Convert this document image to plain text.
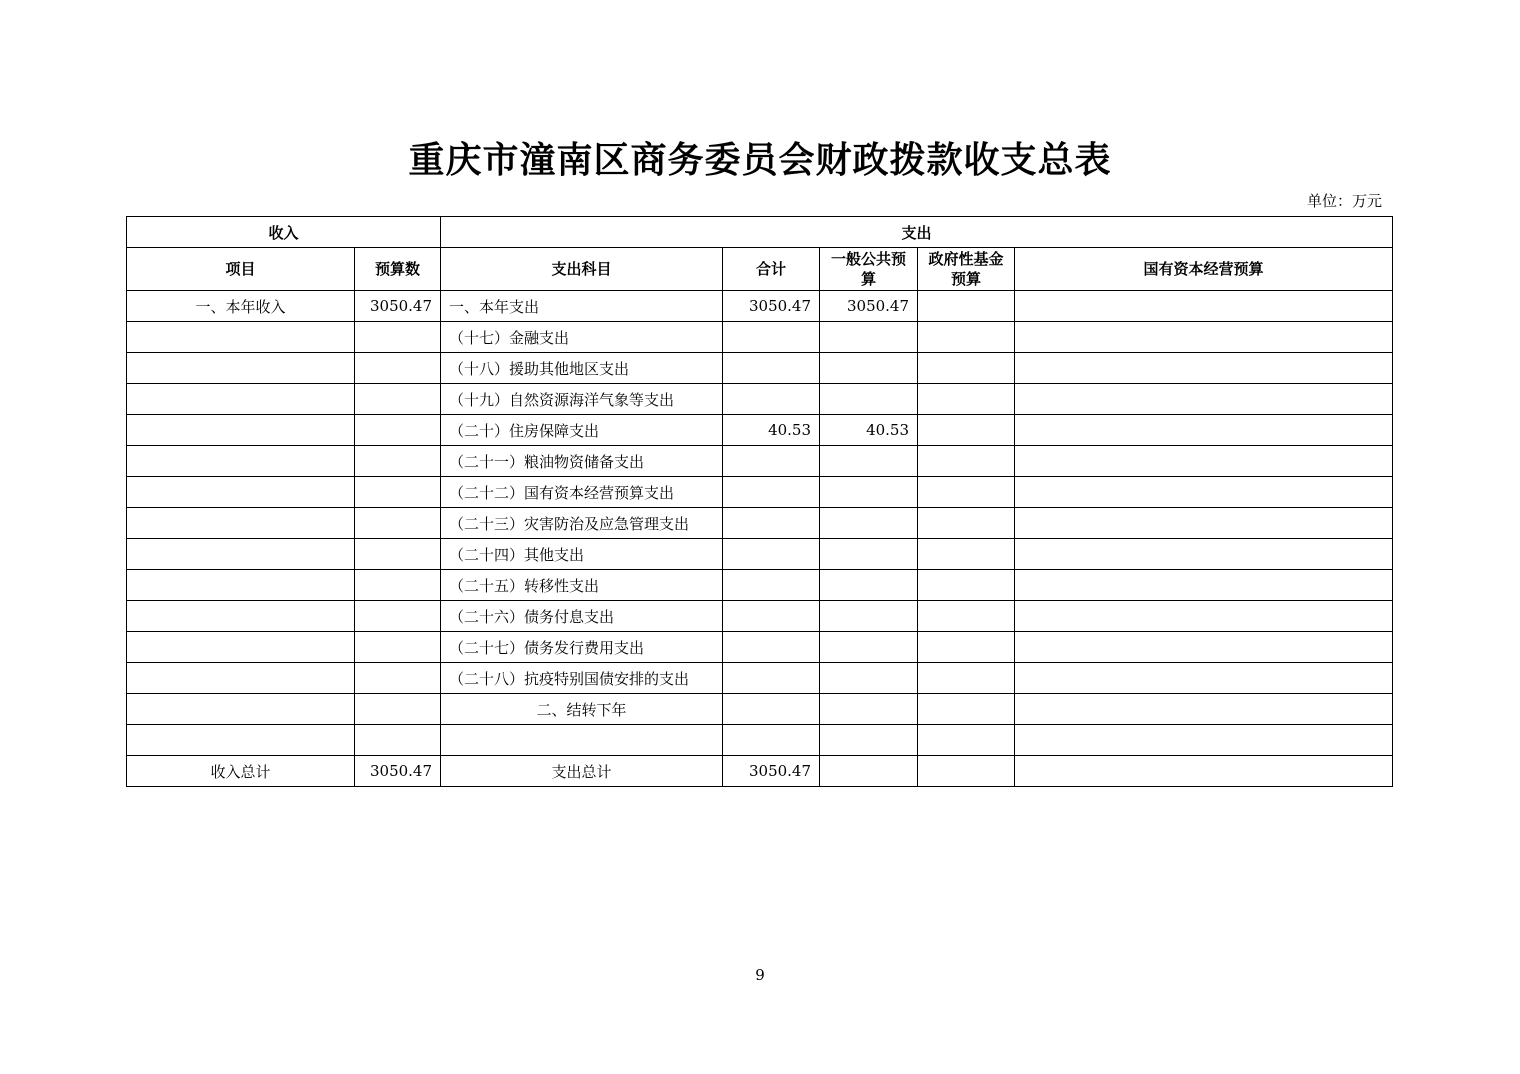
重庆市潼南区商务委员会财政拨款收支总表
单位：万元
收入		支出				
项目	预算数	支出科目	合计	一般公共预算	政府性基金预算	国有资本经营预算
一、本年收入	3050.47	一、本年支出	3050.47	3050.47		
		（十七）金融支出				
		（十八）援助其他地区支出				
		（十九）自然资源海洋气象等支出				
		（二十）住房保障支出	40.53	40.53		
		（二十一）粮油物资储备支出				
		（二十二）国有资本经营预算支出				
		（二十三）灾害防治及应急管理支出				
		（二十四）其他支出				
		（二十五）转移性支出				
		（二十六）债务付息支出				
		（二十七）债务发行费用支出				
		（二十八）抗疫特别国债安排的支出				
		二、结转下年				

收入总计	3050.47	支出总计	3050.47			
9
